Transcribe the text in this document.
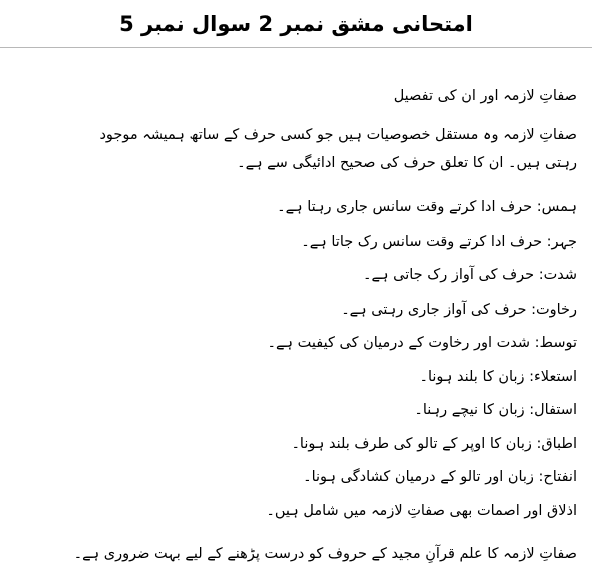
امتحانی مشق نمبر 2 سوال نمبر 5
صفاتِ لازمہ اور ان کی تفصیل
صفاتِ لازمہ وہ مستقل خصوصیات ہیں جو کسی حرف کے ساتھ ہمیشہ موجود
رہتی ہیں۔ ان کا تعلق حرف کی صحیح ادائیگی سے ہے۔
ہمس: حرف ادا کرتے وقت سانس جاری رہتا ہے۔
جہر: حرف ادا کرتے وقت سانس رک جاتا ہے۔
شدت: حرف کی آواز رک جاتی ہے۔
رخاوت: حرف کی آواز جاری رہتی ہے۔
توسط: شدت اور رخاوت کے درمیان کی کیفیت ہے۔
استعلاء: زبان کا بلند ہونا۔
استفال: زبان کا نیچے رہنا۔
اطباق: زبان کا اوپر کے تالو کی طرف بلند ہونا۔
انفتاح: زبان اور تالو کے درمیان کشادگی ہونا۔
اذلاق اور اصمات بھی صفاتِ لازمہ میں شامل ہیں۔
صفاتِ لازمہ کا علم قرآنِ مجید کے حروف کو درست پڑھنے کے لیے بہت ضروری ہے۔
